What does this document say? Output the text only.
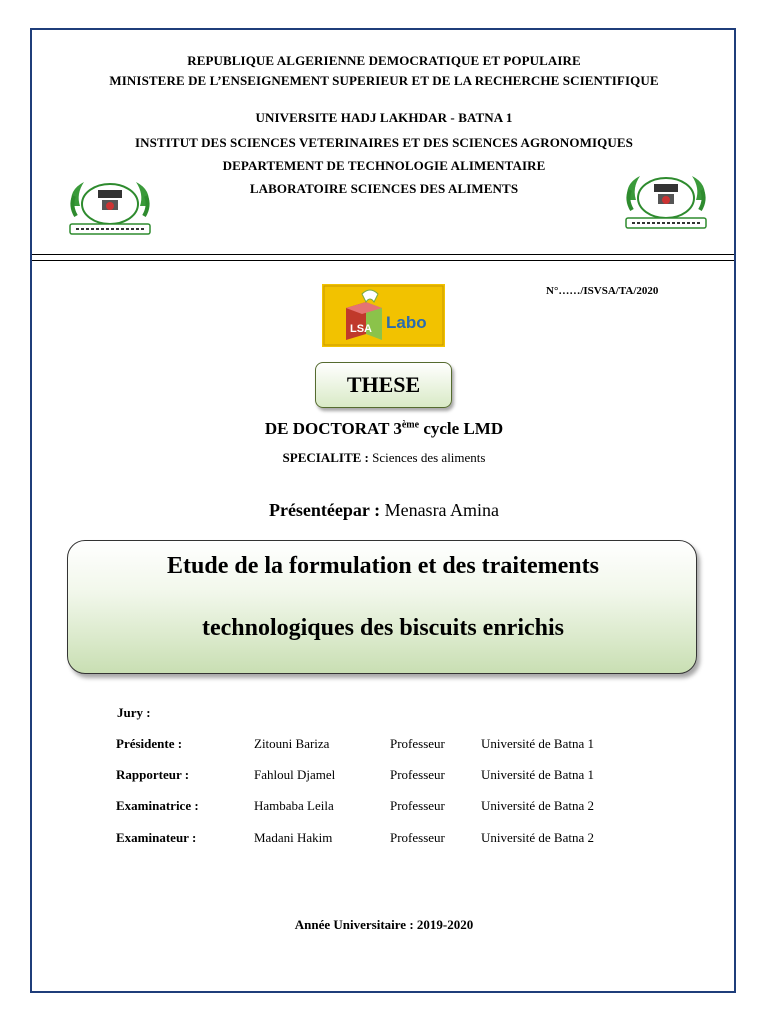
REPUBLIQUE ALGERIENNE DEMOCRATIQUE ET POPULAIRE
MINISTERE DE L’ENSEIGNEMENT SUPERIEUR ET DE LA RECHERCHE SCIENTIFIQUE
UNIVERSITE HADJ LAKHDAR - BATNA 1
INSTITUT DES SCIENCES VETERINAIRES ET DES SCIENCES AGRONOMIQUES
DEPARTEMENT DE TECHNOLOGIE ALIMENTAIRE
LABORATOIRE SCIENCES DES ALIMENTS
N°……/ISVSA/TA/2020
LSA Labo
THESE
DE DOCTORAT 3ème cycle LMD
SPECIALITE : Sciences des aliments
Présentéepar : Menasra Amina
Etude de la formulation et des traitements
technologiques des biscuits enrichis
Jury :
Présidente :	Zitouni Bariza	Professeur	Université de Batna 1
Rapporteur :	Fahloul Djamel	Professeur	Université de Batna 1
Examinatrice :	Hambaba Leila	Professeur	Université de Batna 2
Examinateur :	Madani Hakim	Professeur	Université de Batna 2
Année Universitaire : 2019-2020
